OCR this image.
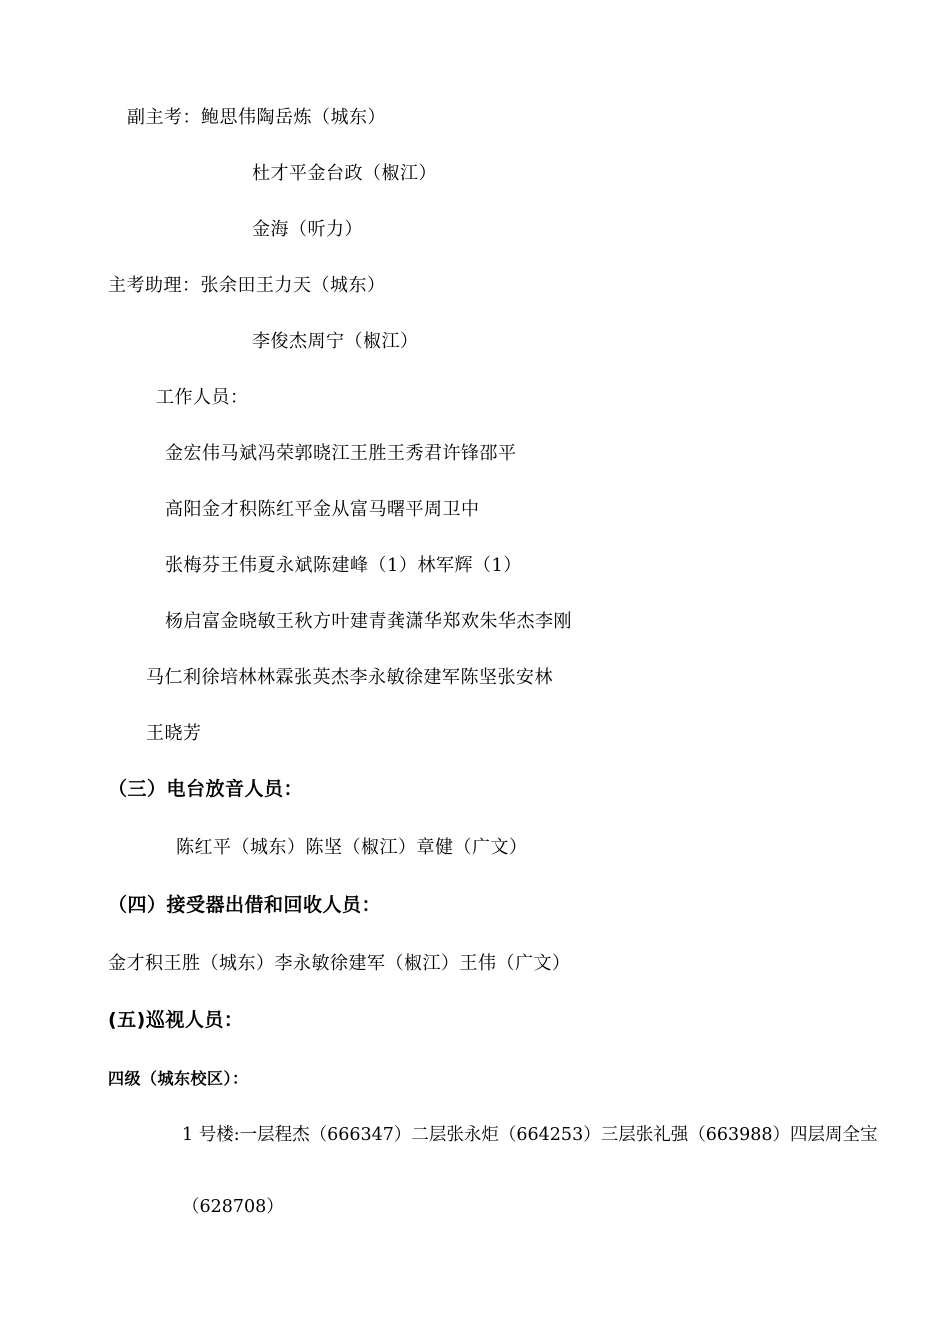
副主考：鲍思伟陶岳炼（城东）
杜才平金台政（椒江）
金海（听力）
主考助理：张余田王力天（城东）
李俊杰周宁（椒江）
工作人员：
金宏伟马斌冯荣郭晓江王胜王秀君许锋邵平
高阳金才积陈红平金从富马曙平周卫中
张梅芬王伟夏永斌陈建峰（1）林军辉（1）
杨启富金晓敏王秋方叶建青龚潇华郑欢朱华杰李刚
马仁利徐培林林霖张英杰李永敏徐建军陈坚张安林
王晓芳
（三）电台放音人员：
陈红平（城东）陈坚（椒江）章健（广文）
（四）接受器出借和回收人员：
金才积王胜（城东）李永敏徐建军（椒江）王伟（广文）
(五)巡视人员：
四级（城东校区）：
1 号楼:一层程杰（666347）二层张永炬（664253）三层张礼强（663988）四层周全宝
（628708）
